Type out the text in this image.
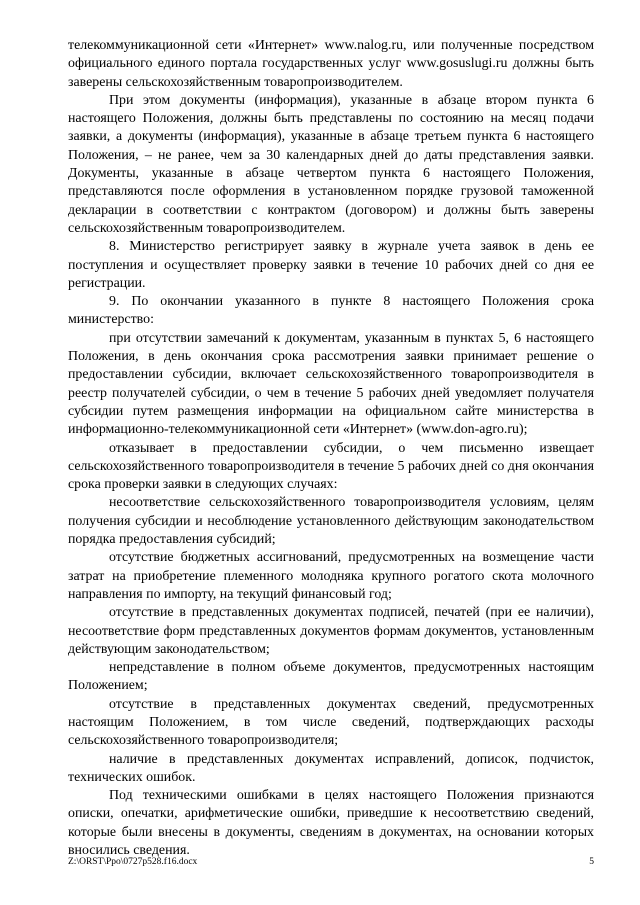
телекоммуникационной сети «Интернет» www.nalog.ru, или полученные посредством официального единого портала государственных услуг www.gosuslugi.ru должны быть заверены сельскохозяйственным товаропроизводителем.

При этом документы (информация), указанные в абзаце втором пункта 6 настоящего Положения, должны быть представлены по состоянию на месяц подачи заявки, а документы (информация), указанные в абзаце третьем пункта 6 настоящего Положения, – не ранее, чем за 30 календарных дней до даты представления заявки. Документы, указанные в абзаце четвертом пункта 6 настоящего Положения, представляются после оформления в установленном порядке грузовой таможенной декларации в соответствии с контрактом (договором) и должны быть заверены сельскохозяйственным товаропроизводителем.

8. Министерство регистрирует заявку в журнале учета заявок в день ее поступления и осуществляет проверку заявки в течение 10 рабочих дней со дня ее регистрации.

9. По окончании указанного в пункте 8 настоящего Положения срока министерство:

при отсутствии замечаний к документам, указанным в пунктах 5, 6 настоящего Положения, в день окончания срока рассмотрения заявки принимает решение о предоставлении субсидии, включает сельскохозяйственного товаропроизводителя в реестр получателей субсидии, о чем в течение 5 рабочих дней уведомляет получателя субсидии путем размещения информации на официальном сайте министерства в информационно-телекоммуникационной сети «Интернет» (www.don-agro.ru);

отказывает в предоставлении субсидии, о чем письменно извещает сельскохозяйственного товаропроизводителя в течение 5 рабочих дней со дня окончания срока проверки заявки в следующих случаях:

несоответствие сельскохозяйственного товаропроизводителя условиям, целям получения субсидии и несоблюдение установленного действующим законодательством порядка предоставления субсидий;

отсутствие бюджетных ассигнований, предусмотренных на возмещение части затрат на приобретение племенного молодняка крупного рогатого скота молочного направления по импорту, на текущий финансовый год;

отсутствие в представленных документах подписей, печатей (при ее наличии), несоответствие форм представленных документов формам документов, установленным действующим законодательством;

непредставление в полном объеме документов, предусмотренных настоящим Положением;

отсутствие в представленных документах сведений, предусмотренных настоящим Положением, в том числе сведений, подтверждающих расходы сельскохозяйственного товаропроизводителя;

наличие в представленных документах исправлений, дописок, подчисток, технических ошибок.

Под техническими ошибками в целях настоящего Положения признаются описки, опечатки, арифметические ошибки, приведшие к несоответствию сведений, которые были внесены в документы, сведениям в документах, на основании которых вносились сведения.

Z:\ORST\Ppo\0727p528.f16.docx	5
